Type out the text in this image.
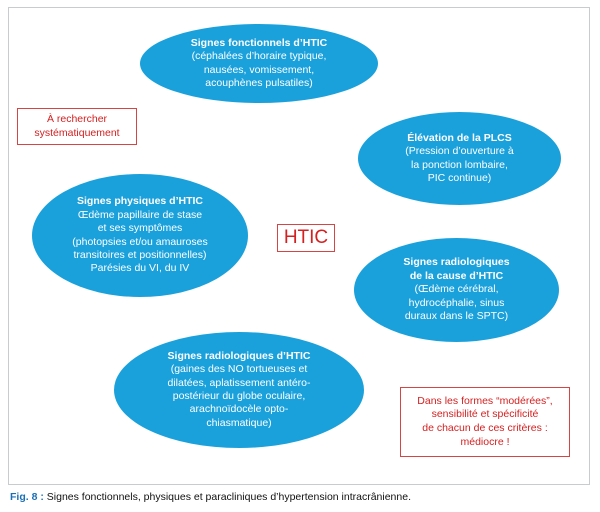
Signes fonctionnels d’HTIC
(céphalées d’horaire typique,
nausées, vomissement,
acouphènes pulsatiles)
Élévation de la PLCS
(Pression d’ouverture à
la ponction lombaire,
PIC continue)
Signes physiques d’HTIC
Œdème papillaire de stase
et ses symptômes
(photopsies et/ou amauroses
transitoires et positionnelles)
Parésies du VI, du IV	Signes radiologiques
de la cause d’HTIC
(Œdème cérébral,
hydrocéphalie, sinus
duraux dans le SPTC)
Signes radiologiques d’HTIC
(gaines des NO tortueuses et
dilatées, aplatissement antéro-
postérieur du globe oculaire,
arachnoïdocèle opto-
chiasmatique)
HTIC
À rechercher
systématiquement
Dans les formes “modérées”,
sensibilité et spécificité
de chacun de ces critères :
médiocre !
Fig. 8 : Signes fonctionnels, physiques et paracliniques d’hypertension intracrânienne.
